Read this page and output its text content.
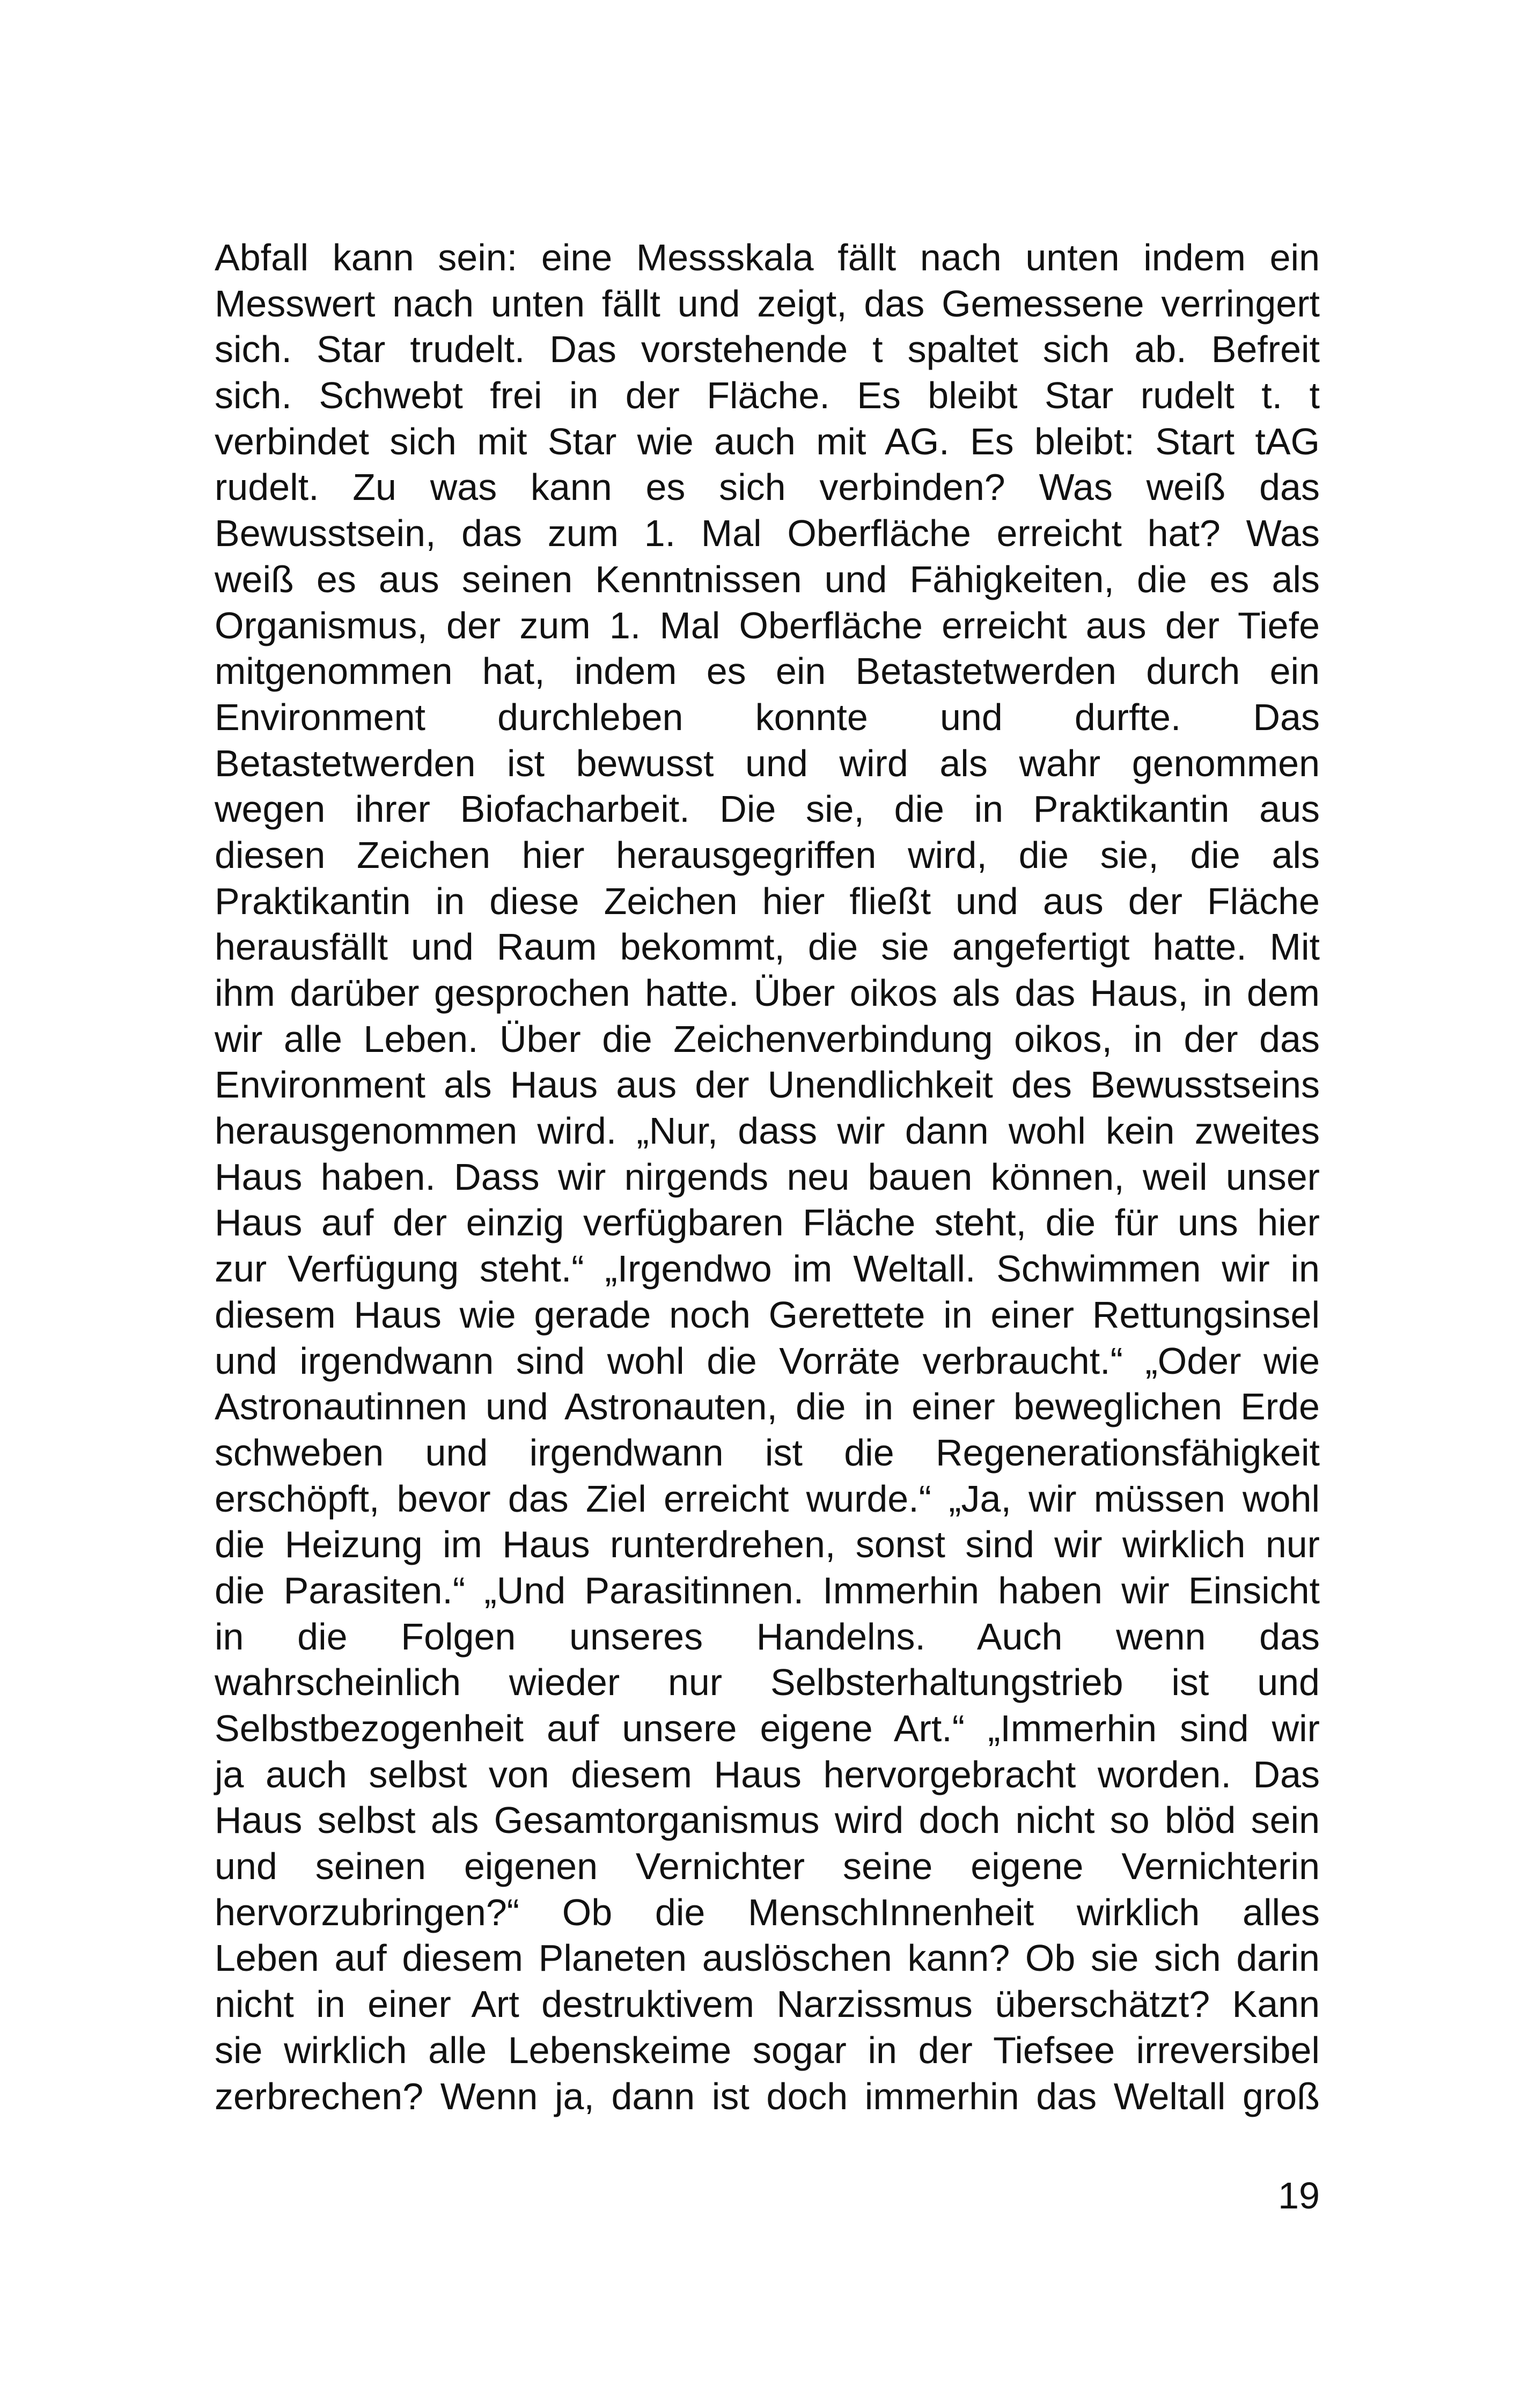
Abfall kann sein: eine Messskala fällt nach unten indem ein
Messwert nach unten fällt und zeigt, das Gemessene verringert
sich. Star trudelt. Das vorstehende t spaltet sich ab. Befreit
sich. Schwebt frei in der Fläche. Es bleibt Star rudelt t. t
verbindet sich mit Star wie auch mit AG. Es bleibt: Start tAG
rudelt. Zu was kann es sich verbinden? Was weiß das
Bewusstsein, das zum 1. Mal Oberfläche erreicht hat? Was
weiß es aus seinen Kenntnissen und Fähigkeiten, die es als
Organismus, der zum 1. Mal Oberfläche erreicht aus der Tiefe
mitgenommen hat, indem es ein Betastetwerden durch ein
Environment durchleben konnte und durfte. Das
Betastetwerden ist bewusst und wird als wahr genommen
wegen ihrer Biofacharbeit. Die sie, die in Praktikantin aus
diesen Zeichen hier herausgegriffen wird, die sie, die als
Praktikantin in diese Zeichen hier fließt und aus der Fläche
herausfällt und Raum bekommt, die sie angefertigt hatte. Mit
ihm darüber gesprochen hatte. Über oikos als das Haus, in dem
wir alle Leben. Über die Zeichenverbindung oikos, in der das
Environment als Haus aus der Unendlichkeit des Bewusstseins
herausgenommen wird. „Nur, dass wir dann wohl kein zweites
Haus haben. Dass wir nirgends neu bauen können, weil unser
Haus auf der einzig verfügbaren Fläche steht, die für uns hier
zur Verfügung steht.“ „Irgendwo im Weltall. Schwimmen wir in
diesem Haus wie gerade noch Gerettete in einer Rettungsinsel
und irgendwann sind wohl die Vorräte verbraucht.“ „Oder wie
Astronautinnen und Astronauten, die in einer beweglichen Erde
schweben und irgendwann ist die Regenerationsfähigkeit
erschöpft, bevor das Ziel erreicht wurde.“ „Ja, wir müssen wohl
die Heizung im Haus runterdrehen, sonst sind wir wirklich nur
die Parasiten.“ „Und Parasitinnen. Immerhin haben wir Einsicht
in die Folgen unseres Handelns. Auch wenn das
wahrscheinlich wieder nur Selbsterhaltungstrieb ist und
Selbstbezogenheit auf unsere eigene Art.“ „Immerhin sind wir
ja auch selbst von diesem Haus hervorgebracht worden. Das
Haus selbst als Gesamtorganismus wird doch nicht so blöd sein
und seinen eigenen Vernichter seine eigene Vernichterin
hervorzubringen?“ Ob die MenschInnenheit wirklich alles
Leben auf diesem Planeten auslöschen kann? Ob sie sich darin
nicht in einer Art destruktivem Narzissmus überschätzt? Kann
sie wirklich alle Lebenskeime sogar in der Tiefsee irreversibel
zerbrechen? Wenn ja, dann ist doch immerhin das Weltall groß
19
